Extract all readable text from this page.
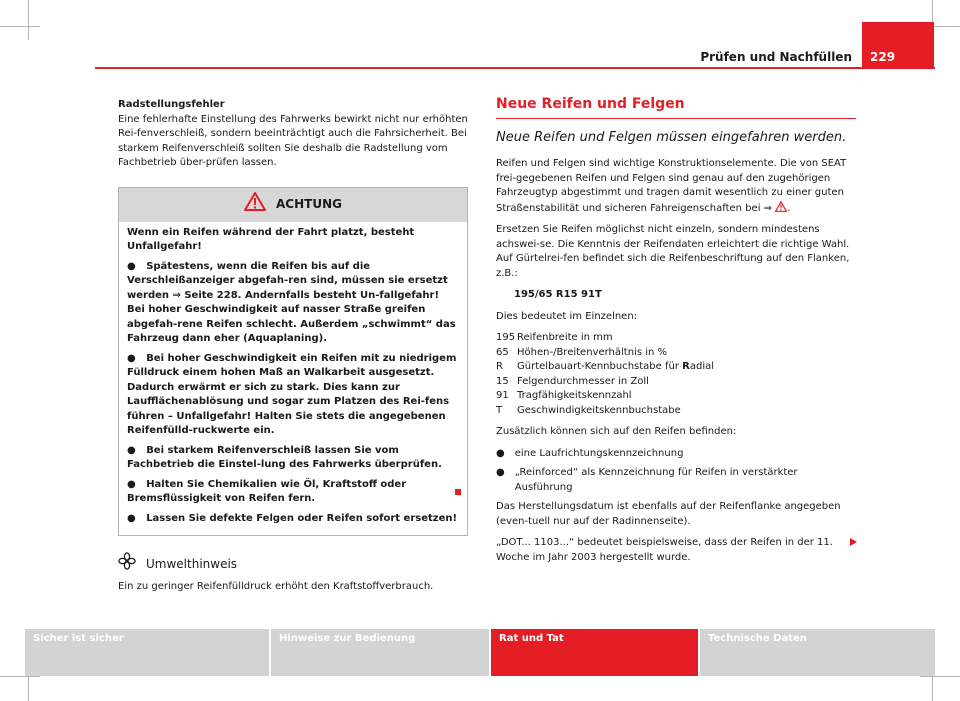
Prüfen und Nachfüllen 229

Radstellungsfehler

Eine fehlerhafte Einstellung des Fahrwerks bewirkt nicht nur erhöhten Rei-fenverschleiß, sondern beeinträchtigt auch die Fahrsicherheit. Bei starkem Reifenverschleiß sollten Sie deshalb die Radstellung vom Fachbetrieb über-prüfen lassen.

ACHTUNG

Wenn ein Reifen während der Fahrt platzt, besteht Unfallgefahr!

● Spätestens, wenn die Reifen bis auf die Verschleißanzeiger abgefah-ren sind, müssen sie ersetzt werden ⇒ Seite 228. Andernfalls besteht Un-fallgefahr! Bei hoher Geschwindigkeit auf nasser Straße greifen abgefah-rene Reifen schlecht. Außerdem „schwimmt“ das Fahrzeug dann eher (Aquaplaning).

● Bei hoher Geschwindigkeit ein Reifen mit zu niedrigem Fülldruck einem hohen Maß an Walkarbeit ausgesetzt. Dadurch erwärmt er sich zu stark. Dies kann zur Laufflächenablösung und sogar zum Platzen des Rei-fens führen – Unfallgefahr! Halten Sie stets die angegebenen Reifenfülld-ruckwerte ein.

● Bei starkem Reifenverschleiß lassen Sie vom Fachbetrieb die Einstel-lung des Fahrwerks überprüfen.

● Halten Sie Chemikalien wie Öl, Kraftstoff oder Bremsflüssigkeit von Reifen fern.

● Lassen Sie defekte Felgen oder Reifen sofort ersetzen!

Umwelthinweis

Ein zu geringer Reifenfülldruck erhöht den Kraftstoffverbrauch.

Neue Reifen und Felgen
Neue Reifen und Felgen müssen eingefahren werden.

Reifen und Felgen sind wichtige Konstruktionselemente. Die von SEAT frei-gegebenen Reifen und Felgen sind genau auf den zugehörigen Fahrzeugtyp abgestimmt und tragen damit wesentlich zu einer guten Straßenstabilität und sicheren Fahreigenschaften bei ⇒ .

Ersetzen Sie Reifen möglichst nicht einzeln, sondern mindestens achswei-se. Die Kenntnis der Reifendaten erleichtert die richtige Wahl. Auf Gürtelrei-fen befindet sich die Reifenbeschriftung auf den Flanken, z.B.:

195/65 R15 91T

Dies bedeutet im Einzelnen:

195 Reifenbreite in mm
65 Höhen-/Breitenverhältnis in %
R	Gürtelbauart-Kennbuchstabe für Radial
15 Felgendurchmesser in Zoll
91 Tragfähigkeitskennzahl
T	Geschwindigkeitskennbuchstabe

Zusätzlich können sich auf den Reifen befinden:

● eine Laufrichtungskennzeichnung
● „Reinforced“ als Kennzeichnung für Reifen in verstärkter Ausführung

Das Herstellungsdatum ist ebenfalls auf der Reifenflanke angegeben (even-tuell nur auf der Radinnenseite).

„DOT... 1103...“ bedeutet beispielsweise, dass der Reifen in der 11. Woche im Jahr 2003 hergestellt wurde.

Sicher ist sicher	Hinweise zur Bedienung	Rat und Tat	Technische Daten
